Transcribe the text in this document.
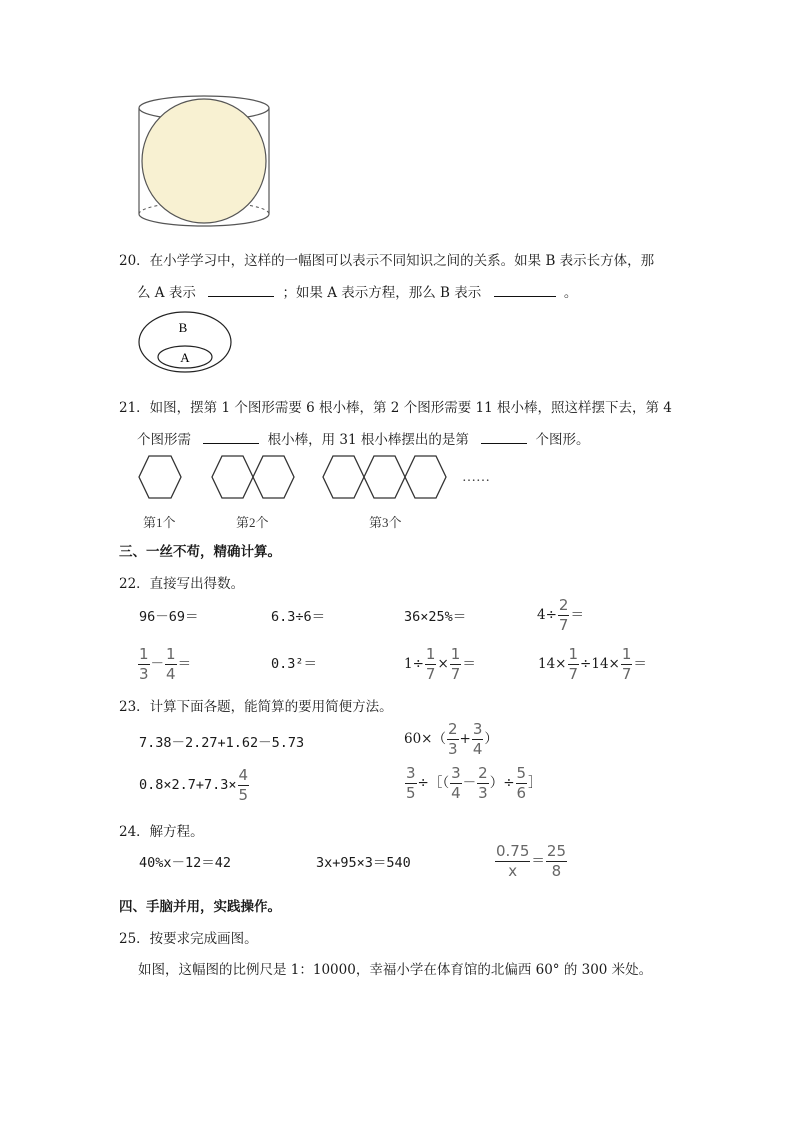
20．在小学学习中，这样的一幅图可以表示不同知识之间的关系。如果 B 表示长方体，那
么 A 表示	；如果 A 表示方程，那么 B 表示	。
B
A
21．如图，摆第 1 个图形需要 6 根小棒，第 2 个图形需要 11 根小棒，照这样摆下去，第 4
个图形需	根小棒，用 31 根小棒摆出的是第	个图形。
……
第1个	第2个	第3个
三、一丝不苟，精确计算。
22．直接写出得数。
96－69＝	6.3÷6＝	36×25%＝	$4\div \frac{2}{7}$ ＝
$\frac{1}{3} - \frac{1}{4}$ ＝	0.3²＝	$1\div \frac{1}{7} \times \frac{1}{7}$ ＝	$14\times \frac{1}{7} \div 14\times \frac{1}{7}$ ＝
23．计算下面各题，能简算的要用简便方法。
7.38－2.27+1.62－5.73	$60\times( \frac{2}{3} + \frac{3}{4}$ ）
$0.8\times 2.7+7.3\times \frac{4}{5}$	$\frac{3}{5}$ ÷［（ $\frac{3}{4} - \frac{2}{3}$ ）÷ $\frac{5}{6}$ ］
24．解方程。
40%x－12＝42	3x+95×3＝540	$\frac{0.75}{x} = \frac{25}{8}$
四、手脑并用，实践操作。
25．按要求完成画图。
如图，这幅图的比例尺是 1：10000，幸福小学在体育馆的北偏西 60° 的 300 米处。
